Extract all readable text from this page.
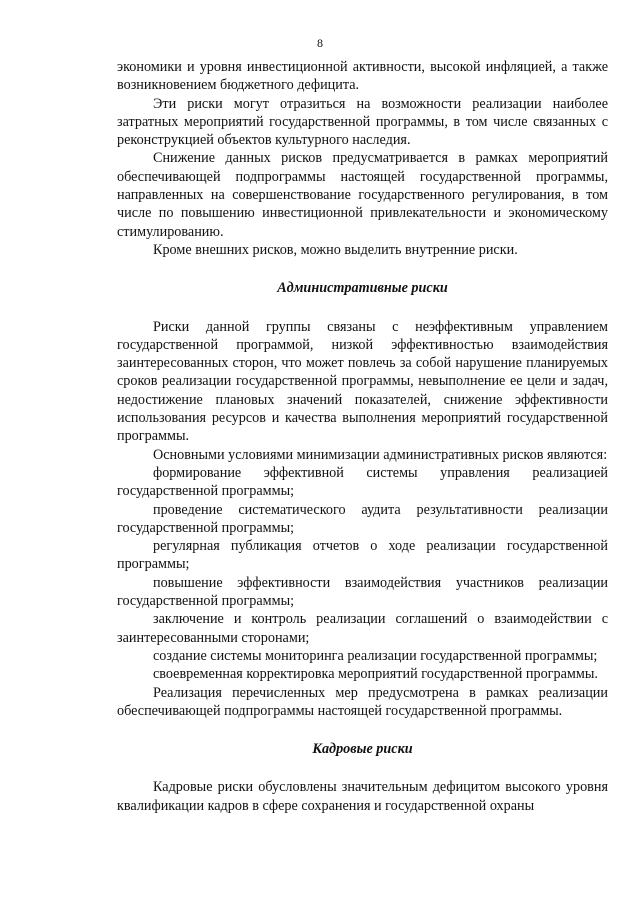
8

экономики и уровня инвестиционной активности, высокой инфляцией, а также возникновением бюджетного дефицита.

Эти риски могут отразиться на возможности реализации наиболее затратных мероприятий государственной программы, в том числе связанных с реконструкцией объектов культурного наследия.

Снижение данных рисков предусматривается в рамках мероприятий обеспечивающей подпрограммы настоящей государственной программы, направленных на совершенствование государственного регулирования, в том числе по повышению инвестиционной привлекательности и экономическому стимулированию.

Кроме внешних рисков, можно выделить внутренние риски.

Административные риски

Риски данной группы связаны с неэффективным управлением государственной программой, низкой эффективностью взаимодействия заинтересованных сторон, что может повлечь за собой нарушение планируемых сроков реализации государственной программы, невыполнение ее цели и задач, недостижение плановых значений показателей, снижение эффективности использования ресурсов и качества выполнения мероприятий государственной программы.

Основными условиями минимизации административных рисков являются:

формирование эффективной системы управления реализацией государственной программы;

проведение систематического аудита результативности реализации государственной программы;

регулярная публикация отчетов о ходе реализации государственной программы;

повышение эффективности взаимодействия участников реализации государственной программы;

заключение и контроль реализации соглашений о взаимодействии с заинтересованными сторонами;

создание системы мониторинга реализации государственной программы;

своевременная корректировка мероприятий государственной программы.

Реализация перечисленных мер предусмотрена в рамках реализации обеспечивающей подпрограммы настоящей государственной программы.

Кадровые риски

Кадровые риски обусловлены значительным дефицитом высокого уровня квалификации кадров в сфере сохранения и государственной охраны
